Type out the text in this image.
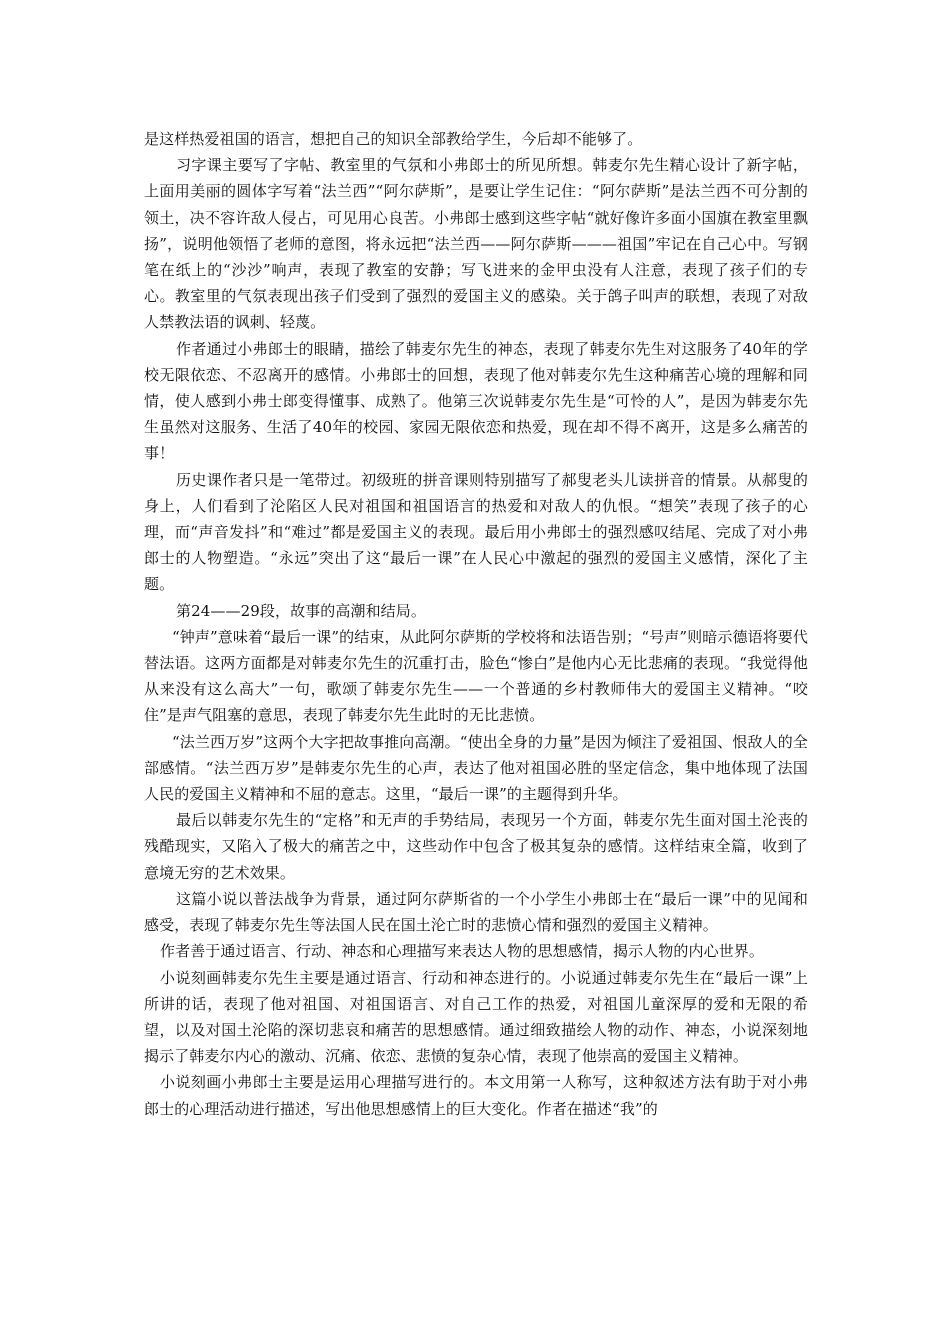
是这样热爱祖国的语言，想把自己的知识全部教给学生，今后却不能够了。

习字课主要写了字帖、教室里的气氛和小弗郎士的所见所想。韩麦尔先生精心设计了新字帖，上面用美丽的圆体字写着“法兰西”“阿尔萨斯”，是要让学生记住：“阿尔萨斯”是法兰西不可分割的领土，决不容许敌人侵占，可见用心良苦。小弗郎士感到这些字帖“就好像许多面小国旗在教室里飘扬”，说明他领悟了老师的意图，将永远把“法兰西——阿尔萨斯———祖国”牢记在自己心中。写钢笔在纸上的“沙沙”响声，表现了教室的安静；写飞进来的金甲虫没有人注意，表现了孩子们的专心。教室里的气氛表现出孩子们受到了强烈的爱国主义的感染。关于鸽子叫声的联想，表现了对敌人禁教法语的讽刺、轻蔑。

作者通过小弗郎士的眼睛，描绘了韩麦尔先生的神态，表现了韩麦尔先生对这服务了40年的学校无限依恋、不忍离开的感情。小弗郎士的回想，表现了他对韩麦尔先生这种痛苦心境的理解和同情，使人感到小弗士郎变得懂事、成熟了。他第三次说韩麦尔先生是“可怜的人”，是因为韩麦尔先生虽然对这服务、生活了40年的校园、家园无限依恋和热爱，现在却不得不离开，这是多么痛苦的事！

历史课作者只是一笔带过。初级班的拼音课则特别描写了郝叟老头儿读拼音的情景。从郝叟的身上，人们看到了沦陷区人民对祖国和祖国语言的热爱和对敌人的仇恨。“想笑”表现了孩子的心理，而“声音发抖”和“难过”都是爱国主义的表现。最后用小弗郎士的强烈感叹结尾、完成了对小弗郎士的人物塑造。“永远”突出了这“最后一课”在人民心中激起的强烈的爱国主义感情，深化了主题。

第24——29段，故事的高潮和结局。

“钟声”意味着“最后一课”的结束，从此阿尔萨斯的学校将和法语告别；“号声”则暗示德语将要代替法语。这两方面都是对韩麦尔先生的沉重打击，脸色“惨白”是他内心无比悲痛的表现。“我觉得他从来没有这么高大”一句，歌颂了韩麦尔先生——一个普通的乡村教师伟大的爱国主义精神。“咬住”是声气阻塞的意思，表现了韩麦尔先生此时的无比悲愤。

“法兰西万岁”这两个大字把故事推向高潮。“使出全身的力量”是因为倾注了爱祖国、恨敌人的全部感情。“法兰西万岁”是韩麦尔先生的心声，表达了他对祖国必胜的坚定信念，集中地体现了法国人民的爱国主义精神和不屈的意志。这里，“最后一课”的主题得到升华。

最后以韩麦尔先生的“定格”和无声的手势结局，表现另一个方面，韩麦尔先生面对国土沦丧的残酷现实，又陷入了极大的痛苦之中，这些动作中包含了极其复杂的感情。这样结束全篇，收到了意境无穷的艺术效果。

这篇小说以普法战争为背景，通过阿尔萨斯省的一个小学生小弗郎士在“最后一课”中的见闻和感受，表现了韩麦尔先生等法国人民在国土沦亡时的悲愤心情和强烈的爱国主义精神。

作者善于通过语言、行动、神态和心理描写来表达人物的思想感情，揭示人物的内心世界。

小说刻画韩麦尔先生主要是通过语言、行动和神态进行的。小说通过韩麦尔先生在“最后一课”上所讲的话，表现了他对祖国、对祖国语言、对自己工作的热爱，对祖国儿童深厚的爱和无限的希望，以及对国土沦陷的深切悲哀和痛苦的思想感情。通过细致描绘人物的动作、神态，小说深刻地揭示了韩麦尔内心的激动、沉痛、依恋、悲愤的复杂心情，表现了他崇高的爱国主义精神。

小说刻画小弗郎士主要是运用心理描写进行的。本文用第一人称写，这种叙述方法有助于对小弗郎士的心理活动进行描述，写出他思想感情上的巨大变化。作者在描述“我”的
